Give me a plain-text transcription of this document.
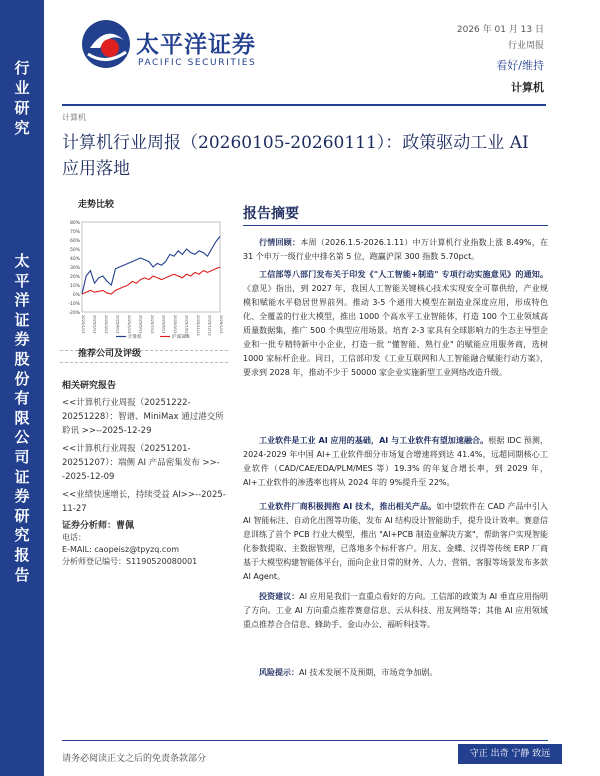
行
业
研
究
太
平
洋
证
券
股
份
有
限
公
司
证
券
研
究
报
告
太平洋证券
PACIFIC SECURITIES
2026 年 01 月 13 日
行业周报
看好/维持
计算机
计算机
计算机行业周报（20260105-20260111）：政策驱动工业 AI 应用落地
走势比较
80%
70%
60%
50%
40%
30%
20%
10%
0%
-10%
-20%
2025/1/13 2025/2/13 2025/3/13 2025/4/13 2025/5/13 2025/6/13 2025/7/13 2025/8/13 2025/9/13 2025/10/13 2025/11/13 2025/12/13 2026/1/13
计算机	沪深300
推荐公司及评级
相关研究报告
<<计算机行业周报（20251222-20251228）：智谱、MiniMax 通过港交所聆讯 >>--2025-12-29
<<计算机行业周报（20251201-20251207）：端侧 AI 产品密集发布 >>--2025-12-09
<<业绩快速增长，持续受益 AI>>--2025-11-27
证券分析师：曹佩
电话：
E-MAIL: caopeisz@tpyzq.com
分析师登记编号：S1190520080001
报告摘要
行情回顾：本周（2026.1.5-2026.1.11）中万计算机行业指数上涨 8.49%，在 31 个申万一级行业中排名第 5 位，跑赢沪深 300 指数 5.70pct。
工信部等八部门发布关于印发《"人工智能+制造" 专项行动实施意见》的通知。《意见》指出，到 2027 年，我国人工智能关键核心技术实现安全可靠供给，产业规模和赋能水平稳居世界前列。推动 3-5 个通用大模型在制造业深度应用，形成特色化、全覆盖的行业大模型，推出 1000 个高水平工业智能体，打造 100 个工业领域高质量数据集，推广 500 个典型应用场景。培育 2-3 家具有全球影响力的生态主导型企业和一批专精特新中小企业，打造一批 "懂智能、熟行业" 的赋能应用服务商，选树 1000 家标杆企业。同日，工信部印发《工业互联网和人工智能融合赋能行动方案》，要求到 2028 年，推动不少于 50000 家企业实施新型工业网络改造升级。
工业软件是工业 AI 应用的基础，AI 与工业软件有望加速融合。根据 IDC 预测，2024-2029 年中国 AI+工业软件细分市场复合增速将到达 41.4%，远超同期核心工业软件（CAD/CAE/EDA/PLM/MES 等）19.3% 的年复合增长率，到 2029 年，AI+工业软件的渗透率也将从 2024 年的 9%提升至 22%。
工业软件厂商积极拥抱 AI 技术，推出相关产品。如中望软件在 CAD 产品中引入 AI 智能标注、自动化出图等功能，发布 AI 结构设计智能助手，提升设计效率。赛意信息训练了首个 PCB 行业大模型，推出 "AI+PCB 制造业解决方案"，帮助客户实现智能化参数提取、主数据管理，已落地多个标杆客户。用友、金蝶、汉得等传统 ERP 厂商基于大模型构建智能体平台，面向企业日常的财务、人力、营销、客服等场景发布多款 AI Agent。
投资建议：AI 应用是我们一直重点看好的方向。工信部的政策为 AI 垂直应用指明了方向。工业 AI 方向重点推荐赛意信息、云从科技、用友网络等；其他 AI 应用领域重点推荐合合信息、蜂助手、金山办公、福昕科技等。
风险提示：AI 技术发展不及预期，市场竞争加剧。
请务必阅读正文之后的免责条款部分	守正 出奇 宁静 致远
